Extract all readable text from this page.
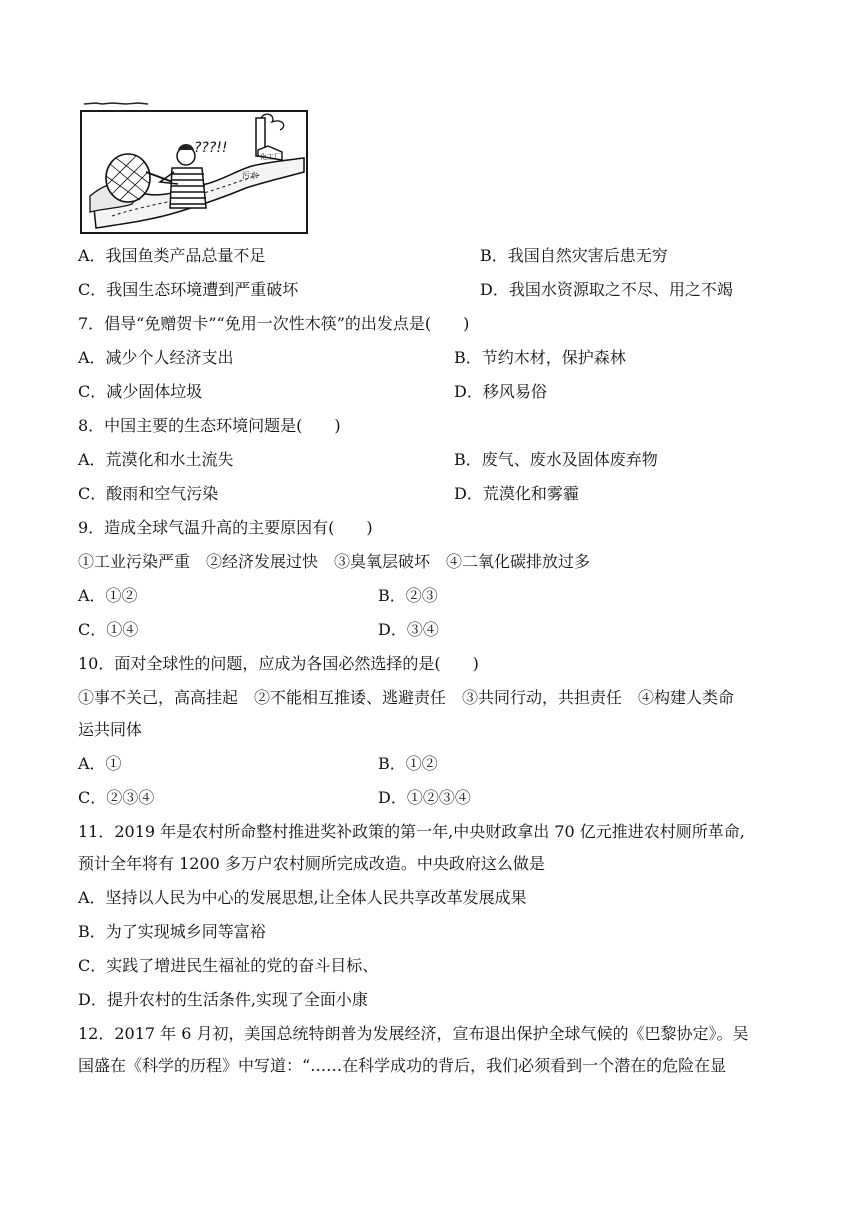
化工厂
污水
???!!
A．我国鱼类产品总量不足	B．我国自然灾害后患无穷
C．我国生态环境遭到严重破坏	D．我国水资源取之不尽、用之不竭
7．倡导“免赠贺卡”“免用一次性木筷”的出发点是(　　)
A．减少个人经济支出	B．节约木材，保护森林
C．减少固体垃圾	D．移风易俗
8．中国主要的生态环境问题是(　　)
A．荒漠化和水土流失	B．废气、废水及固体废弃物
C．酸雨和空气污染	D．荒漠化和雾霾
9．造成全球气温升高的主要原因有(　　)
①工业污染严重　②经济发展过快　③臭氧层破坏　④二氧化碳排放过多
A．①②	B．②③
C．①④	D．③④
10．面对全球性的问题，应成为各国必然选择的是(　　)
①事不关己，高高挂起　②不能相互推诿、逃避责任　③共同行动，共担责任　④构建人类命
运共同体
A．①	B．①②
C．②③④	D．①②③④
11．2019 年是农村所命整村推进奖补政策的第一年,中央财政拿出 70 亿元推进农村厕所革命,
预计全年将有 1200 多万户农村厕所完成改造。中央政府这么做是
A．坚持以人民为中心的发展思想,让全体人民共享改革发展成果
B．为了实现城乡同等富裕
C．实践了增进民生福祉的党的奋斗目标、
D．提升农村的生活条件,实现了全面小康
12．2017 年 6 月初，美国总统特朗普为发展经济，宣布退出保护全球气候的《巴黎协定》。吴
国盛在《科学的历程》中写道：“……在科学成功的背后，我们必须看到一个潜在的危险在显
